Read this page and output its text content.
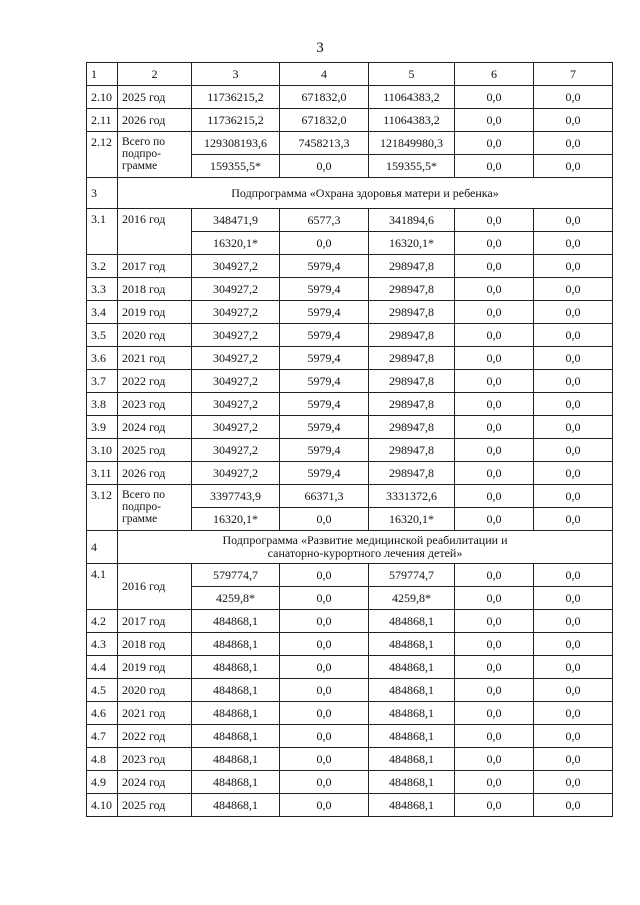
3
1	2	3	4	5	6	7
2.10	2025 год	11736215,2	671832,0	11064383,2	0,0	0,0
2.11	2026 год	11736215,2	671832,0	11064383,2	0,0	0,0
2.12	Всего по подпро-грамме	129308193,6	7458213,3	121849980,3	0,0	0,0
		159355,5*	0,0	159355,5*	0,0	0,0
3	Подпрограмма «Охрана здоровья матери и ребенка»					
3.1	2016 год	348471,9	6577,3	341894,6	0,0	0,0
		16320,1*	0,0	16320,1*	0,0	0,0
3.2	2017 год	304927,2	5979,4	298947,8	0,0	0,0
3.3	2018 год	304927,2	5979,4	298947,8	0,0	0,0
3.4	2019 год	304927,2	5979,4	298947,8	0,0	0,0
3.5	2020 год	304927,2	5979,4	298947,8	0,0	0,0
3.6	2021 год	304927,2	5979,4	298947,8	0,0	0,0
3.7	2022 год	304927,2	5979,4	298947,8	0,0	0,0
3.8	2023 год	304927,2	5979,4	298947,8	0,0	0,0
3.9	2024 год	304927,2	5979,4	298947,8	0,0	0,0
3.10	2025 год	304927,2	5979,4	298947,8	0,0	0,0
3.11	2026 год	304927,2	5979,4	298947,8	0,0	0,0
3.12	Всего по подпро-грамме	3397743,9	66371,3	3331372,6	0,0	0,0
		16320,1*	0,0	16320,1*	0,0	0,0
4	Подпрограмма «Развитие медицинской реабилитации и
санаторно-курортного лечения детей»					

4.1	2016 год	579774,7	0,0	579774,7	0,0	0,0
		4259,8*	0,0	4259,8*	0,0	0,0
4.2	2017 год	484868,1	0,0	484868,1	0,0	0,0
4.3	2018 год	484868,1	0,0	484868,1	0,0	0,0
4.4	2019 год	484868,1	0,0	484868,1	0,0	0,0
4.5	2020 год	484868,1	0,0	484868,1	0,0	0,0
4.6	2021 год	484868,1	0,0	484868,1	0,0	0,0
4.7	2022 год	484868,1	0,0	484868,1	0,0	0,0
4.8	2023 год	484868,1	0,0	484868,1	0,0	0,0
4.9	2024 год	484868,1	0,0	484868,1	0,0	0,0
4.10	2025 год	484868,1	0,0	484868,1	0,0	0,0
